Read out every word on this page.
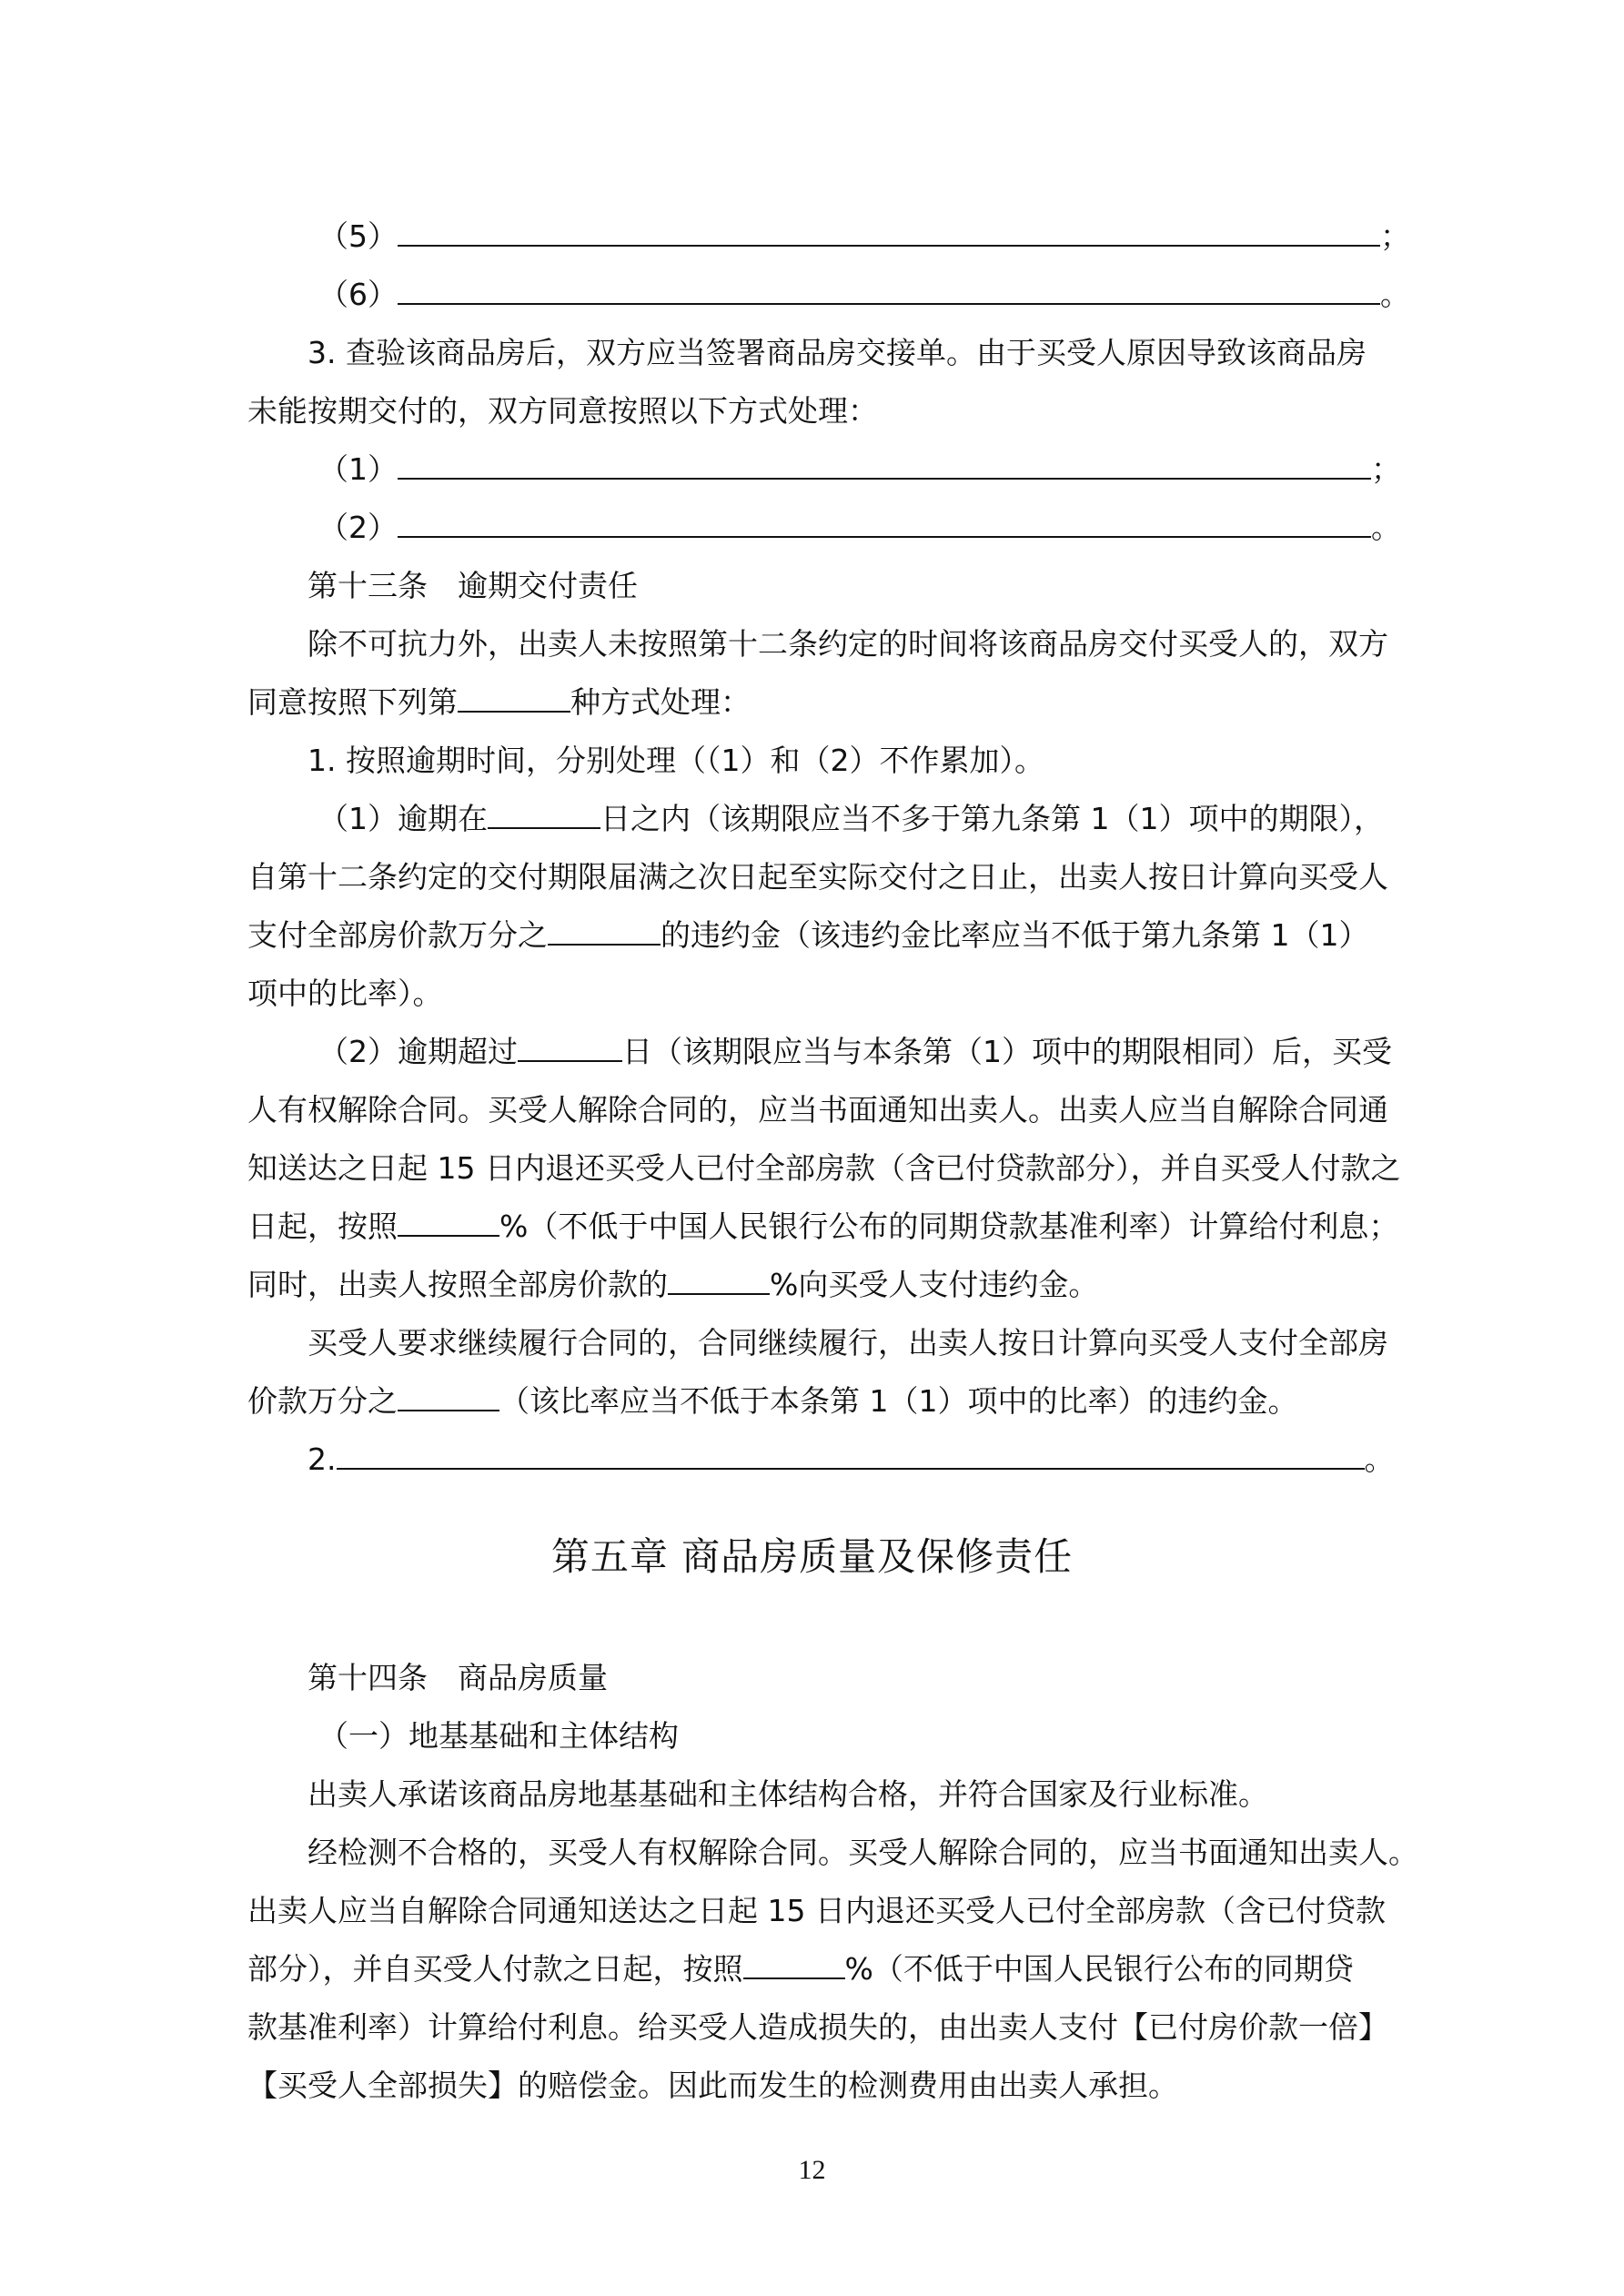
（5）	；
（6）	。
3. 查验该商品房后，双方应当签署商品房交接单。由于买受人原因导致该商品房
未能按期交付的，双方同意按照以下方式处理：
（1）	；
（2）	。
第十三条　逾期交付责任
除不可抗力外，出卖人未按照第十二条约定的时间将该商品房交付买受人的，双方
同意按照下列第	种方式处理：
1. 按照逾期时间，分别处理（（1）和（2）不作累加）。
（1）逾期在	日之内（该期限应当不多于第九条第 1（1）项中的期限），
自第十二条约定的交付期限届满之次日起至实际交付之日止，出卖人按日计算向买受人
支付全部房价款万分之	的违约金（该违约金比率应当不低于第九条第 1（1）
项中的比率）。
（2）逾期超过	日（该期限应当与本条第（1）项中的期限相同）后，买受
人有权解除合同。买受人解除合同的，应当书面通知出卖人。出卖人应当自解除合同通
知送达之日起 15 日内退还买受人已付全部房款（含已付贷款部分），并自买受人付款之
日起，按照	%（不低于中国人民银行公布的同期贷款基准利率）计算给付利息；
同时，出卖人按照全部房价款的	%向买受人支付违约金。
买受人要求继续履行合同的，合同继续履行，出卖人按日计算向买受人支付全部房
价款万分之	（该比率应当不低于本条第 1（1）项中的比率）的违约金。
2.	。
第五章 商品房质量及保修责任
第十四条　商品房质量
（一）地基基础和主体结构
出卖人承诺该商品房地基基础和主体结构合格，并符合国家及行业标准。
经检测不合格的，买受人有权解除合同。买受人解除合同的，应当书面通知出卖人。
出卖人应当自解除合同通知送达之日起 15 日内退还买受人已付全部房款（含已付贷款
部分），并自买受人付款之日起，按照	%（不低于中国人民银行公布的同期贷
款基准利率）计算给付利息。给买受人造成损失的，由出卖人支付【已付房价款一倍】
【买受人全部损失】的赔偿金。因此而发生的检测费用由出卖人承担。
12
